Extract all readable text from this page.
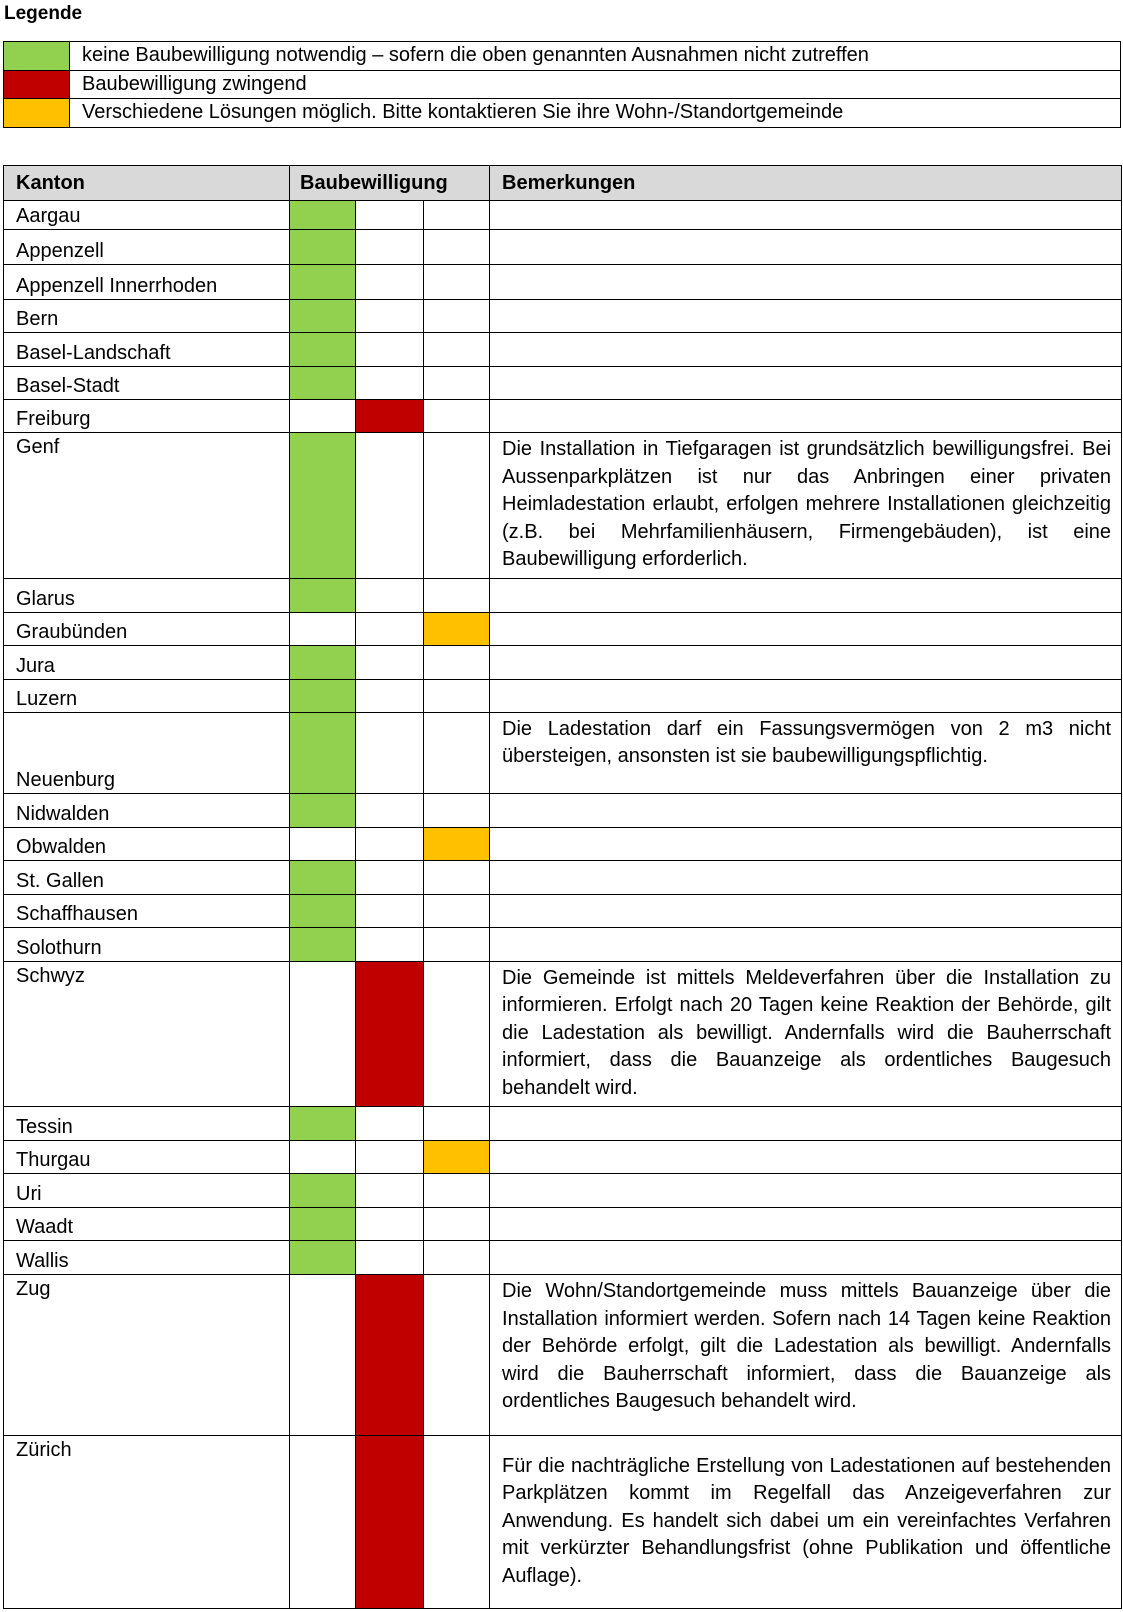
Legende
	keine Baubewilligung notwendig – sofern die oben genannten Ausnahmen nicht zutreffen
	Baubewilligung zwingend
	Verschiedene Lösungen möglich. Bitte kontaktieren Sie ihre Wohn-/Standortgemeinde
Kanton	Baubewilligung			Bemerkungen
Aargau				
Appenzell				
Appenzell Innerrhoden				
Bern				
Basel-Landschaft				
Basel-Stadt				
Freiburg				
Genf				Die Installation in Tiefgaragen ist grundsätzlich bewilligungsfrei. Bei Aussenparkplätzen ist nur das Anbringen einer privaten Heimladestation erlaubt, erfolgen mehrere Installationen gleichzeitig (z.B. bei Mehrfamilienhäusern, Firmengebäuden), ist eine Baubewilligung erforderlich.
Glarus				
Graubünden				
Jura				
Luzern				
Neuenburg				Die Ladestation darf ein Fassungsvermögen von 2 m3 nicht übersteigen, ansonsten ist sie baubewilligungspflichtig.
Nidwalden				
Obwalden				
St. Gallen				
Schaffhausen				
Solothurn				
Schwyz				Die Gemeinde ist mittels Meldeverfahren über die Installation zu informieren. Erfolgt nach 20 Tagen keine Reaktion der Behörde, gilt die Ladestation als bewilligt. Andernfalls wird die Bauherrschaft informiert, dass die Bauanzeige als ordentliches Baugesuch behandelt wird.
Tessin				
Thurgau				
Uri				
Waadt				
Wallis				
Zug				Die Wohn/Standortgemeinde muss mittels Bauanzeige über die Installation informiert werden. Sofern nach 14 Tagen keine Reaktion der Behörde erfolgt, gilt die Ladestation als bewilligt. Andernfalls wird die Bauherrschaft informiert, dass die Bauanzeige als ordentliches Baugesuch behandelt wird.
Zürich				Für die nachträgliche Erstellung von Ladestationen auf bestehenden Parkplätzen kommt im Regelfall das Anzeigeverfahren zur Anwendung. Es handelt sich dabei um ein vereinfachtes Verfahren mit verkürzter Behandlungsfrist (ohne Publikation und öffentliche Auflage).
